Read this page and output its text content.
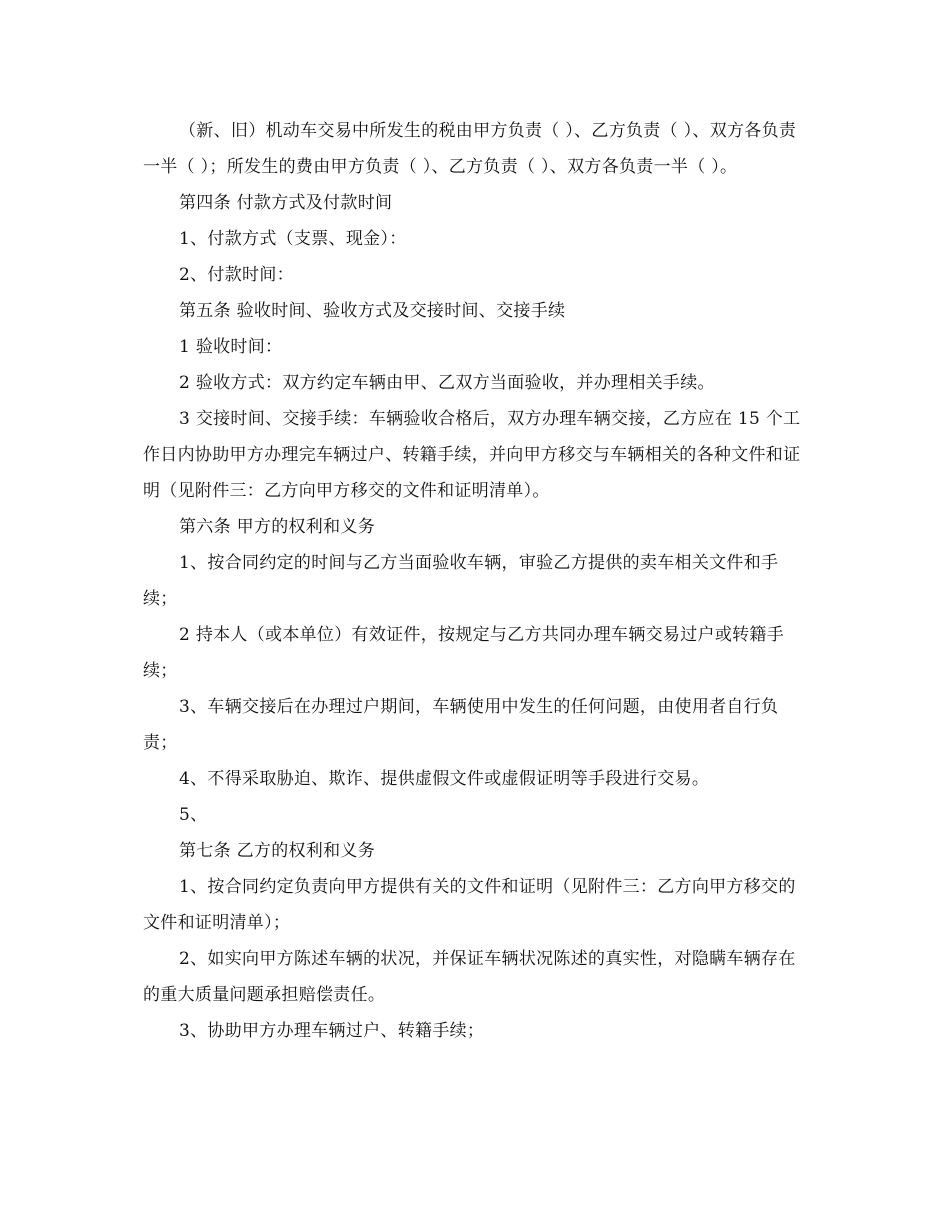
（新、旧）机动车交易中所发生的税由甲方负责（ ）、乙方负责（ ）、双方各负责一半（ ）；所发生的费由甲方负责（ ）、乙方负责（ ）、双方各负责一半（ ）。

第四条 付款方式及付款时间

1、付款方式（支票、现金）：

2、付款时间：

第五条 验收时间、验收方式及交接时间、交接手续

1 验收时间：

2 验收方式：双方约定车辆由甲、乙双方当面验收，并办理相关手续。

3 交接时间、交接手续：车辆验收合格后，双方办理车辆交接，乙方应在 15 个工作日内协助甲方办理完车辆过户、转籍手续，并向甲方移交与车辆相关的各种文件和证明（见附件三：乙方向甲方移交的文件和证明清单）。

第六条 甲方的权利和义务

1、按合同约定的时间与乙方当面验收车辆，审验乙方提供的卖车相关文件和手续；

2 持本人（或本单位）有效证件，按规定与乙方共同办理车辆交易过户或转籍手续；

3、车辆交接后在办理过户期间，车辆使用中发生的任何问题，由使用者自行负责；

4、不得采取胁迫、欺诈、提供虚假文件或虚假证明等手段进行交易。

5、

第七条 乙方的权利和义务

1、按合同约定负责向甲方提供有关的文件和证明（见附件三：乙方向甲方移交的文件和证明清单）；

2、如实向甲方陈述车辆的状况，并保证车辆状况陈述的真实性，对隐瞒车辆存在的重大质量问题承担赔偿责任。

3、协助甲方办理车辆过户、转籍手续；
